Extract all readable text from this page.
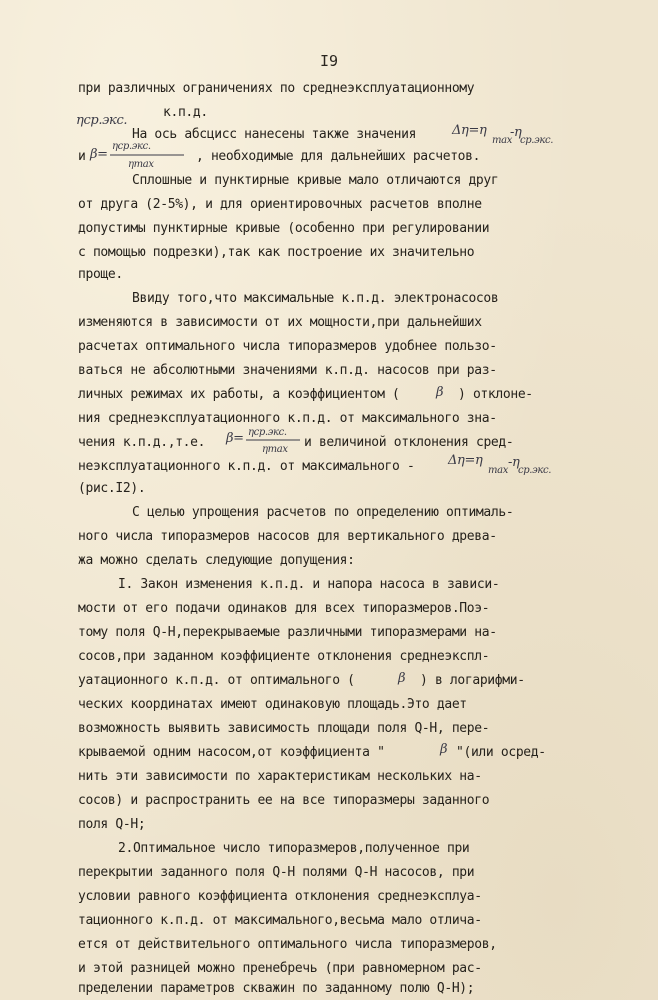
I9
при различных ограничениях по среднеэксплуатационному
ηср.экс.
к.п.д.
На ось абсцисс нанесены также значения	Δη=η
max
-η
ср.экс.
и β=
ηср.экс.
ηmax
, необходимые для дальнейших расчетов.
Сплошные и пунктирные кривые мало отличаются друг
от друга (2-5%), и для ориентировочных расчетов вполне
допустимы пунктирные кривые (особенно при регулировании
с помощью подрезки),так как построение их значительно
проще.
Ввиду того,что максимальные к.п.д. электронасосов
изменяются в зависимости от их мощности,при дальнейших
расчетах оптимального числа типоразмеров удобнее пользо-
ваться не абсолютными значениями к.п.д. насосов при раз-
личных режимах их работы, а коэффициентом (	β ) отклоне-
ния среднеэксплуатационного к.п.д. от максимального зна-
чения к.п.д.,т.е. β= ηср.экс.
ηmax и величиной отклонения сред-
неэксплуатационного к.п.д. от максимального -	Δη=η
max
-η
ср.экс.
(рис.I2).
С целью упрощения расчетов по определению оптималь-
ного числа типоразмеров насосов для вертикального древа-
жа можно сделать следующие допущения:
I. Закон изменения к.п.д. и напора насоса в зависи-
мости от его подачи одинаков для всех типоразмеров.Поэ-
тому поля Q-H,перекрываемые различными типоразмерами на-
сосов,при заданном коэффициенте отклонения среднеэкспл-
уатационного к.п.д. от оптимального (	β ) в логарифми-
ческих координатах имеют одинаковую площадь.Это дает
возможность выявить зависимость площади поля Q-H, пере-
крываемой одним насосом,от коэффициента "	β "(или осред-
нить эти зависимости по характеристикам нескольких на-
сосов) и распространить ее на все типоразмеры заданного
поля Q-H;
2.Оптимальное число типоразмеров,полученное при
перекрытии заданного поля Q-H полями Q-H насосов, при
условии равного коэффициента отклонения среднеэксплуа-
тационного к.п.д. от максимального,весьма мало отлича-
ется от действительного оптимального числа типоразмеров,
и этой разницей можно пренебречь (при равномерном рас-
пределении параметров скважин по заданному полю Q-H);
